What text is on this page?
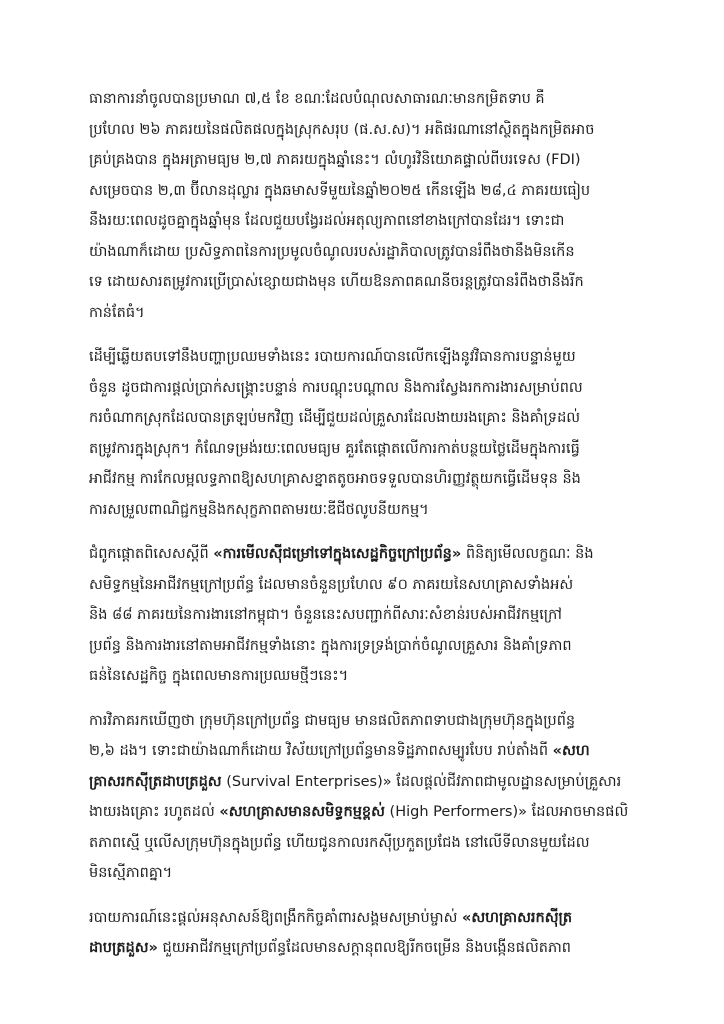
ធានាការនាំចូលបានប្រមាណ ៧,៥ ខែ ខណៈដែលបំណុលសាធារណៈមានកម្រិតទាប គឺ
ប្រហែល ២៦ ភាគរយនៃផលិតផលក្នុងស្រុកសរុប (ផ.ស.ស)។ អតិផរណានៅស្ថិតក្នុងកម្រិតអាច
គ្រប់គ្រងបាន ក្នុងអត្រាមធ្យម ២,៧ ភាគរយក្នុងឆ្នាំនេះ។ លំហូរវិនិយោគផ្ទាល់ពីបរទេស (FDI)
សម្រេចបាន ២,៣ ប៊ីលានដុល្លារ ក្នុងឆមាសទីមួយនៃឆ្នាំ២០២៥ កើនឡើង ២៨,៤ ភាគរយធៀប
នឹងរយៈពេលដូចគ្នាក្នុងឆ្នាំមុន ដែលជួយបង្វែរដល់អតុល្យភាពនៅខាងក្រៅបានដែរ។ ទោះជា
យ៉ាងណាក៏ដោយ ប្រសិទ្ធភាពនៃការប្រមូលចំណូលរបស់រដ្ឋាភិបាលត្រូវបានរំពឹងថានឹងមិនកើន
ទេ ដោយសារតម្រូវការប្រើប្រាស់ខ្សោយជាងមុន ហើយឱនភាពគណនីចរន្តត្រូវបានរំពឹងថានឹងរីក
កាន់តែធំ។
ដើម្បីឆ្លើយតបទៅនឹងបញ្ហាប្រឈមទាំងនេះ របាយការណ៍បានលើកឡើងនូវវិធានការបន្ទាន់មួយ
ចំនួន ដូចជាការផ្តល់ប្រាក់សង្គ្រោះបន្ទាន់ ការបណ្តុះបណ្តាល និងការស្វែងរកការងារសម្រាប់ពល
ករចំណាកស្រុកដែលបានត្រឡប់មកវិញ ដើម្បីជួយដល់គ្រួសារដែលងាយរងគ្រោះ និងគាំទ្រដល់
តម្រូវការក្នុងស្រុក។ កំណែទម្រង់រយៈពេលមធ្យម គួរតែផ្តោតលើការកាត់បន្ថយថ្លៃដើមក្នុងការធ្វើ
អាជីវកម្ម ការកែលម្អលទ្ធភាពឱ្យសហគ្រាសខ្នាតតូចអាចទទួលបានហិរញ្ញវត្ថុយកធ្វើដើមទុន និង
ការសម្រួលពាណិជ្ជកម្មនិងកសុក្ខភាពតាមរយៈឌីជីថលូបនីយកម្ម។
ជំពូកផ្តោតពិសេសស្តីពី «ការមើលស៊ីជម្រៅទៅក្នុងសេដ្ឋកិច្ចក្រៅប្រព័ន្ធ» ពិនិត្យមើលលក្ខណៈ និង
សមិទ្ធកម្មនៃអាជីវកម្មក្រៅប្រព័ន្ធ ដែលមានចំនួនប្រហែល ៩០ ភាគរយនៃសហគ្រាសទាំងអស់
និង ៨៨ ភាគរយនៃការងារនៅកម្ពុជា។ ចំនួននេះសបញ្ជាក់ពីសារៈសំខាន់របស់អាជីវកម្មក្រៅ
ប្រព័ន្ធ និងការងារនៅតាមអាជីវកម្មទាំងនោះ ក្នុងការទ្រទ្រង់ប្រាក់ចំណូលគ្រួសារ និងគាំទ្រភាព
ធន់នៃសេដ្ឋកិច្ច ក្នុងពេលមានការប្រឈមថ្មីៗនេះ។
ការវិភាគរកឃើញថា ក្រុមហ៊ុនក្រៅប្រព័ន្ធ ជាមធ្យម មានផលិតភាពទាបជាងក្រុមហ៊ុនក្នុងប្រព័ន្ធ
២,៦ ដង។ ទោះជាយ៉ាងណាក៏ដោយ វិស័យក្រៅប្រព័ន្ធមានទិដ្ឋភាពសម្បូរបែប រាប់តាំងពី «សហ
គ្រាសរកស៊ីត្រដាបត្រដួស (Survival Enterprises)» ដែលផ្តល់ជីវភាពជាមូលដ្ឋានសម្រាប់គ្រួសារ
ងាយរងគ្រោះ រហូតដល់ «សហគ្រាសមានសមិទ្ធកម្មខ្ពស់ (High Performers)» ដែលអាចមានផលិ
តភាពស្មើ ឬលើសក្រុមហ៊ុនក្នុងប្រព័ន្ធ ហើយជូនកាលរកស៊ីប្រកួតប្រជែង នៅលើទីលានមួយដែល
មិនស្មើភាពគ្នា។
របាយការណ៍នេះផ្តល់អនុសាសន៍ឱ្យពង្រឹកកិច្ចគាំពារសង្គមសម្រាប់ម្ចាស់ «សហគ្រាសរកស៊ីត្រ
ដាបត្រដួស» ជួយអាជីវកម្មក្រៅប្រព័ន្ធដែលមានសក្តានុពលឱ្យរីកចម្រើន និងបង្កើនផលិតភាព
